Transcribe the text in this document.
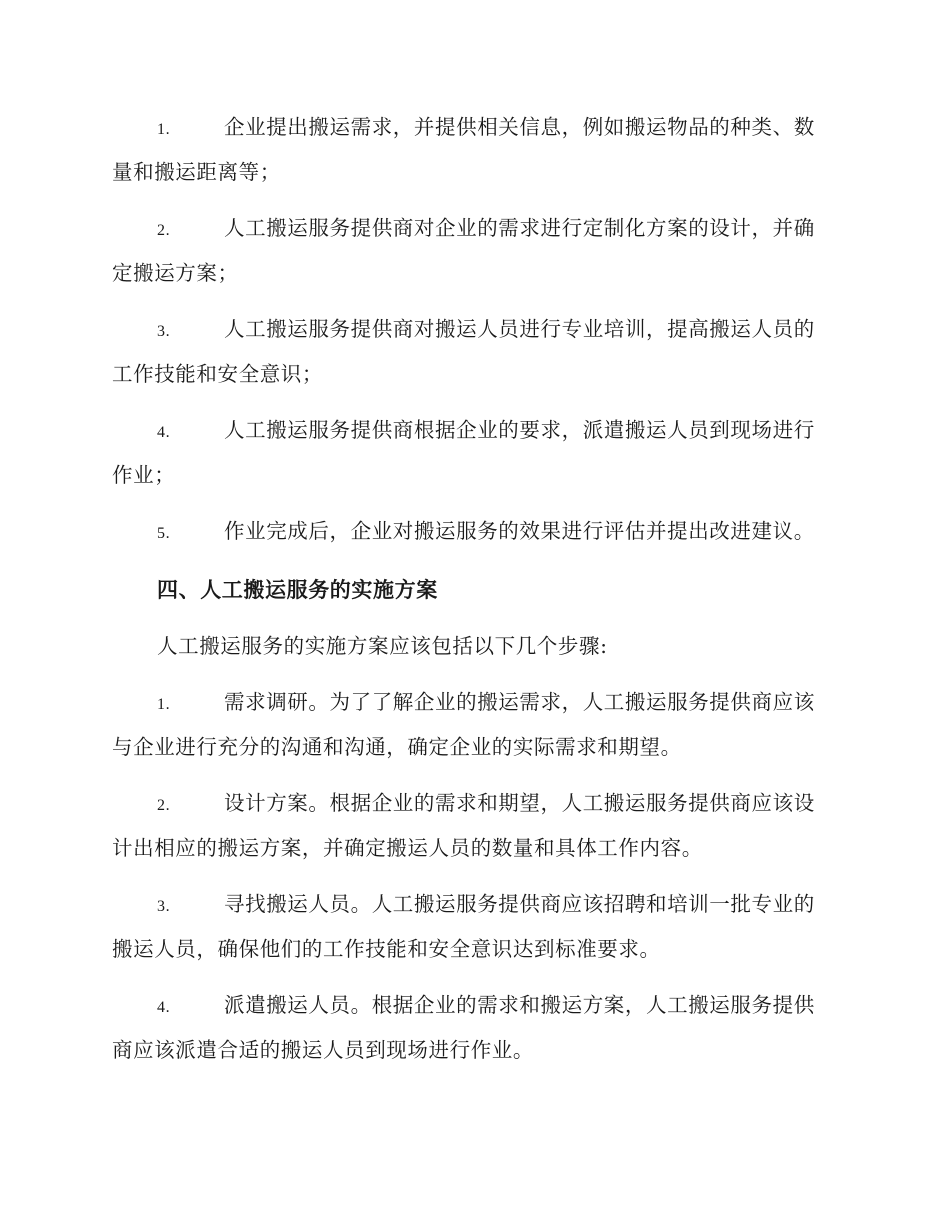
1.	企业提出搬运需求，并提供相关信息，例如搬运物品的种类、数量和搬运距离等；
2.	人工搬运服务提供商对企业的需求进行定制化方案的设计，并确定搬运方案；
3.	人工搬运服务提供商对搬运人员进行专业培训，提高搬运人员的工作技能和安全意识；
4.	人工搬运服务提供商根据企业的要求，派遣搬运人员到现场进行作业；
5.	作业完成后，企业对搬运服务的效果进行评估并提出改进建议。
四、人工搬运服务的实施方案
人工搬运服务的实施方案应该包括以下几个步骤:
1.	需求调研。为了了解企业的搬运需求，人工搬运服务提供商应该与企业进行充分的沟通和沟通，确定企业的实际需求和期望。
2.	设计方案。根据企业的需求和期望，人工搬运服务提供商应该设计出相应的搬运方案，并确定搬运人员的数量和具体工作内容。
3.	寻找搬运人员。人工搬运服务提供商应该招聘和培训一批专业的搬运人员，确保他们的工作技能和安全意识达到标准要求。
4.	派遣搬运人员。根据企业的需求和搬运方案，人工搬运服务提供商应该派遣合适的搬运人员到现场进行作业。
